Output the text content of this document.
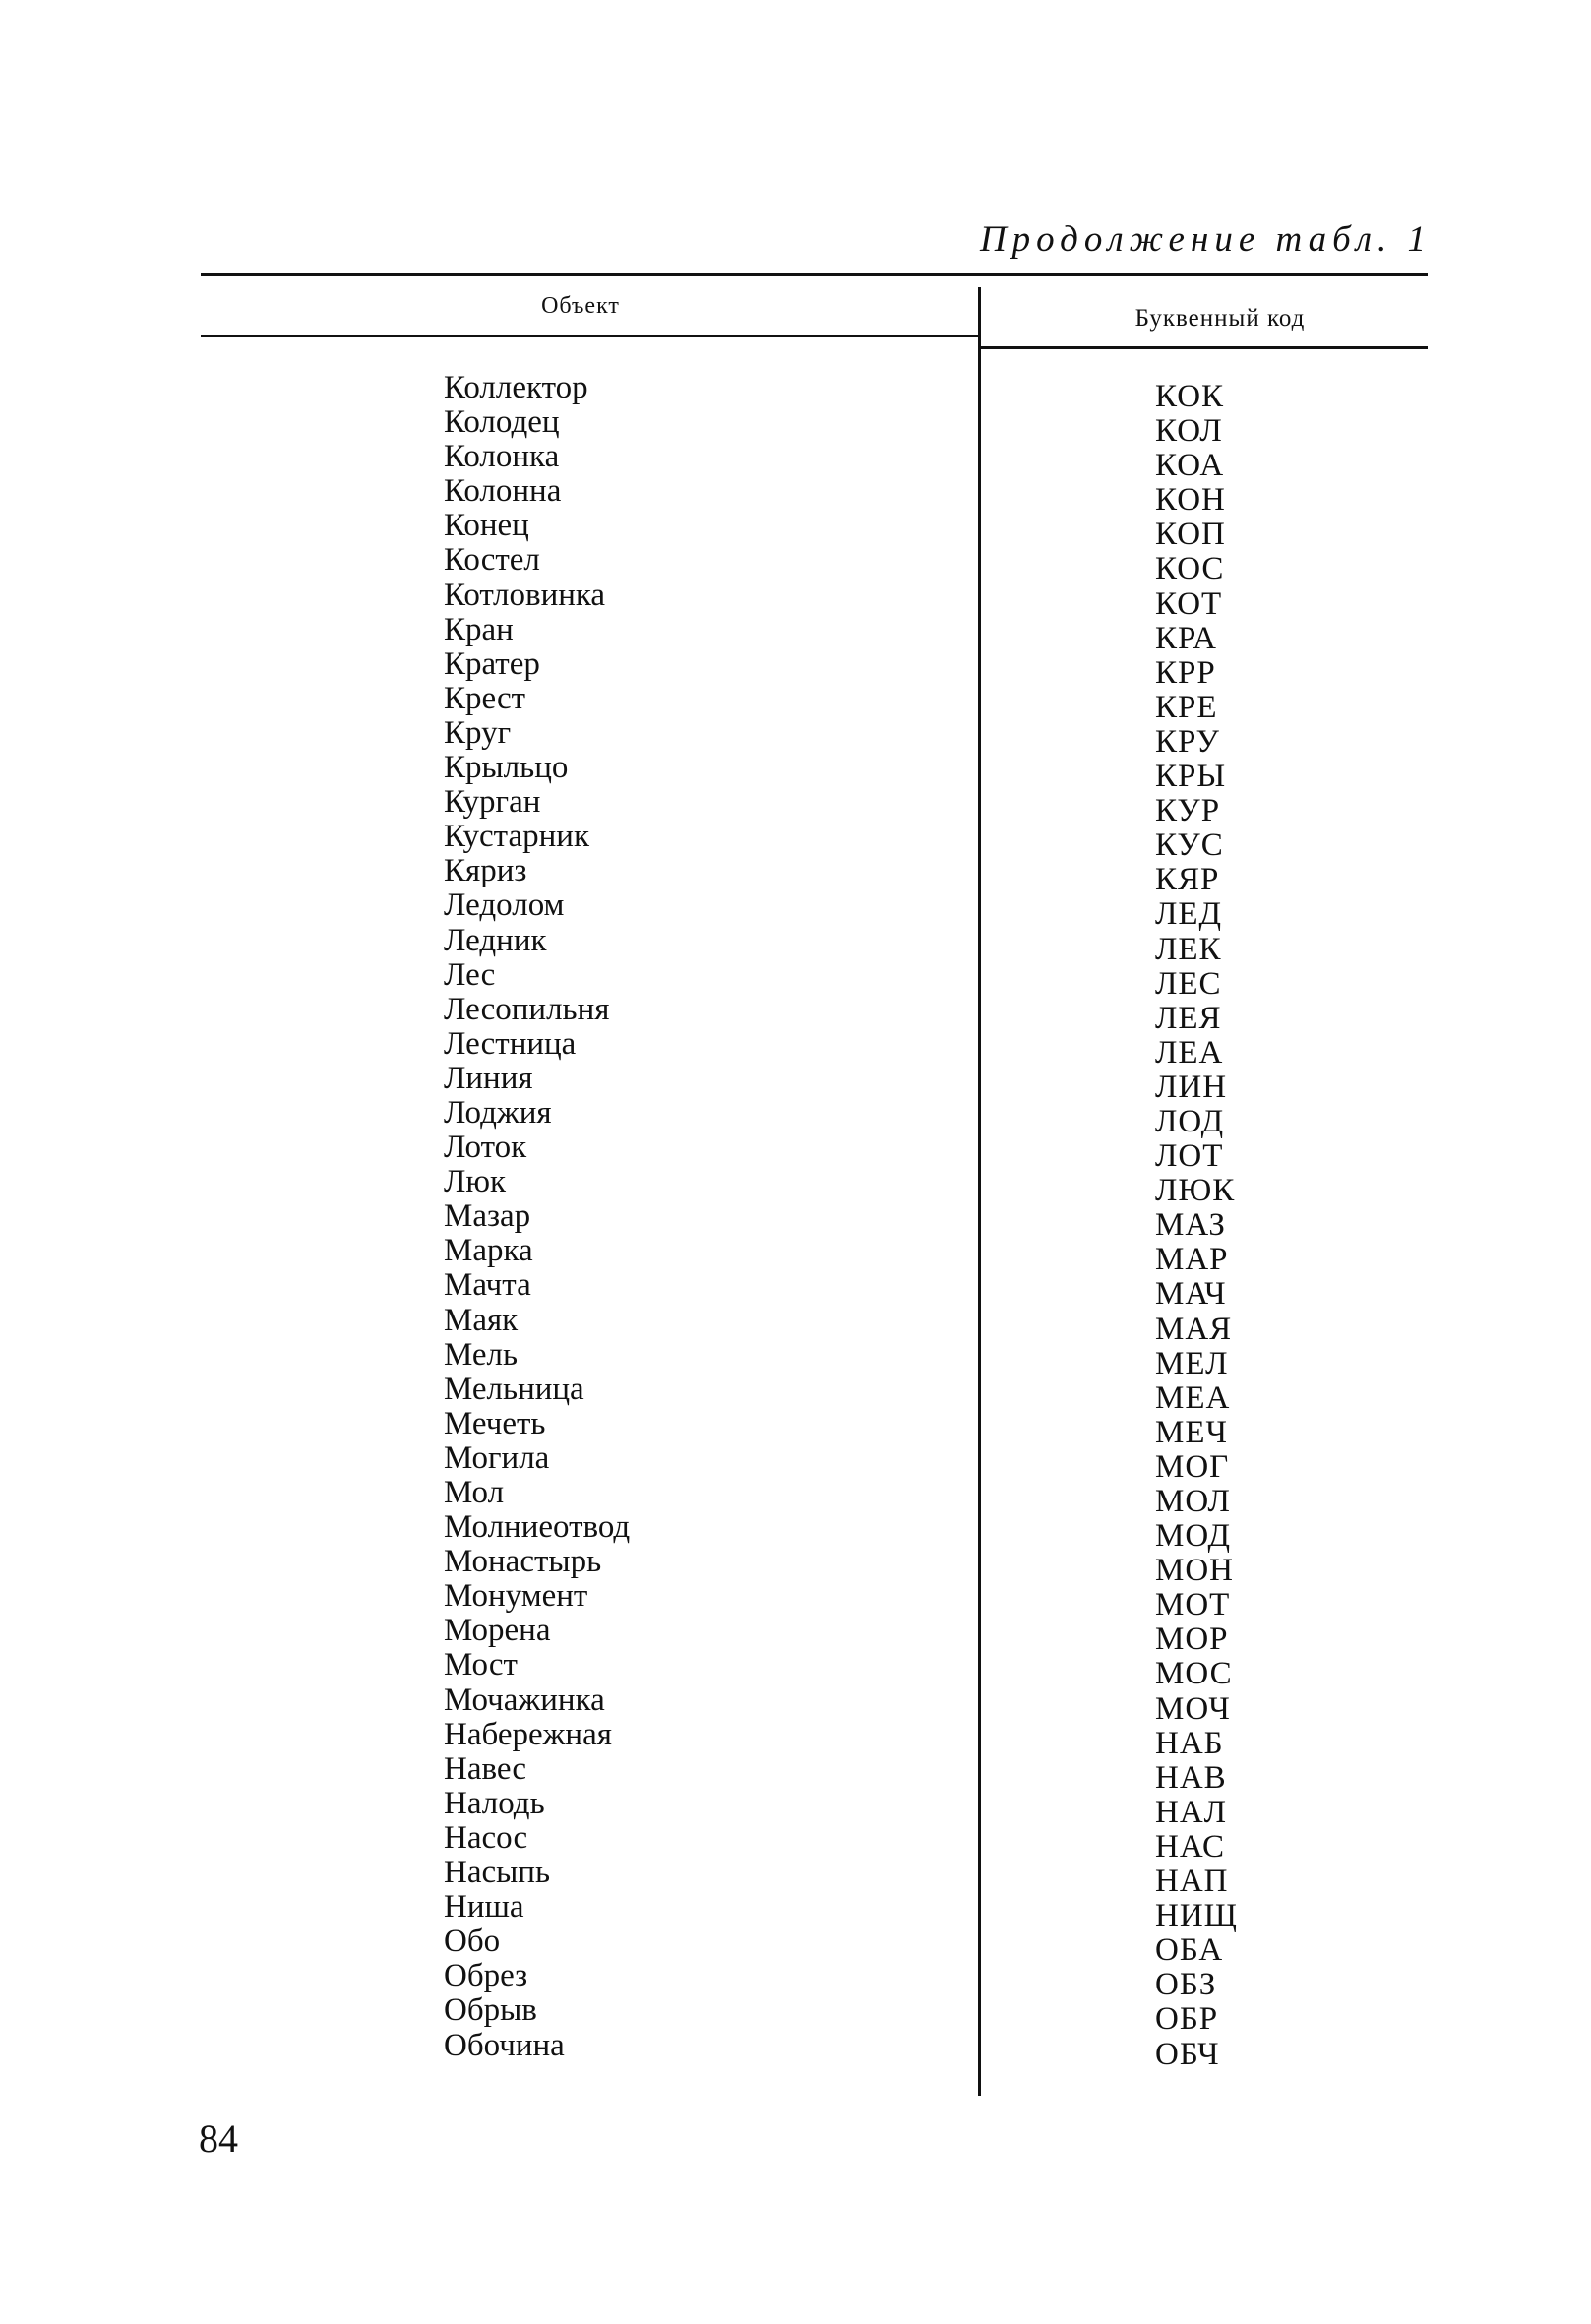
Продолжение табл. 1
Объект	Буквенный код
Коллектор
Колодец
Колонка
Колонна
Конец
Костел
Котловинка
Кран
Кратер
Крест
Круг
Крыльцо
Курган
Кустарник
Кяриз
Ледолом
Ледник
Лес
Лесопильня
Лестница
Линия
Лоджия
Лоток
Люк
Мазар
Марка
Мачта
Маяк
Мель
Мельница
Мечеть
Могила
Мол
Молниеотвод
Монастырь
Монумент
Морена
Мост
Мочажинка
Набережная
Навес
Налодь
Насос
Насыпь
Ниша
Обо
Обрез
Обрыв
Обочина
КОК
КОЛ
КОА
КОН
КОП
КОС
КОТ
КРА
КРР
КРЕ
КРУ
КРЫ
КУР
КУС
КЯР
ЛЕД
ЛЕК
ЛЕС
ЛЕЯ
ЛЕА
ЛИН
ЛОД
ЛОТ
ЛЮК
МАЗ
МАР
МАЧ
МАЯ
МЕЛ
МЕА
МЕЧ
МОГ
МОЛ
МОД
МОН
МОТ
МОР
МОС
МОЧ
НАБ
НАВ
НАЛ
НАС
НАП
НИЩ
ОБА
ОБЗ
ОБР
ОБЧ
84
